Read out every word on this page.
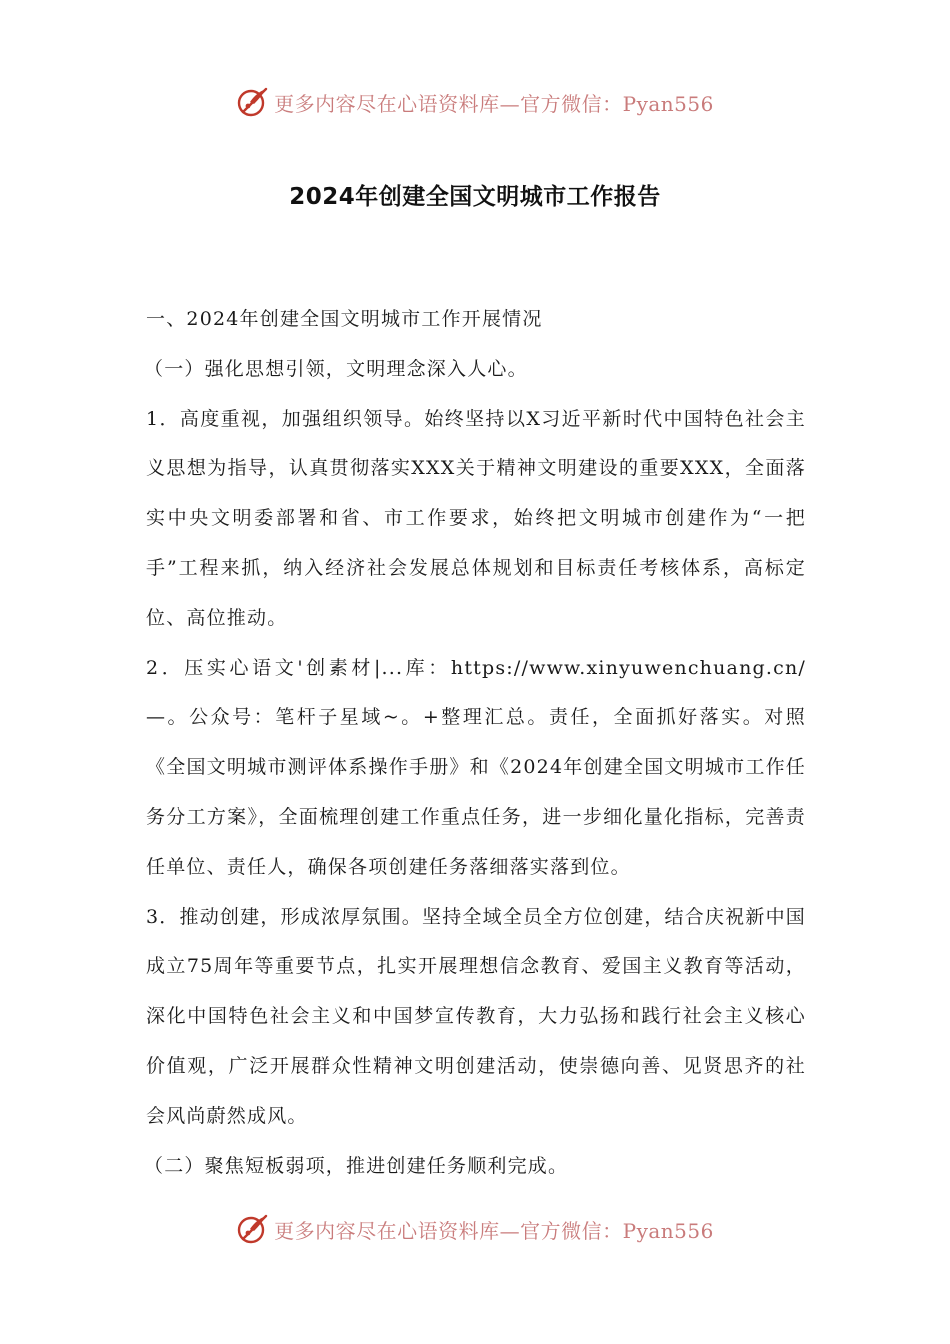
更多内容尽在心语资料库—官方微信：Pyan556
2024年创建全国文明城市工作报告

一、2024年创建全国文明城市工作开展情况

（一）强化思想引领，文明理念深入人心。

1．高度重视，加强组织领导。始终坚持以X习近平新时代中国特色社会主义思想为指导，认真贯彻落实XXX关于精神文明建设的重要XXX，全面落实中央文明委部署和省、市工作要求，始终把文明城市创建作为“一把手”工程来抓，纳入经济社会发展总体规划和目标责任考核体系，高标定位、高位推动。

2．压实心语文'创素材|...库：https://www.xinyuwenchuang.cn/—。公众号：笔杆子星域~。+整理汇总。责任，全面抓好落实。对照《全国文明城市测评体系操作手册》和《2024年创建全国文明城市工作任务分工方案》，全面梳理创建工作重点任务，进一步细化量化指标，完善责任单位、责任人，确保各项创建任务落细落实落到位。

3．推动创建，形成浓厚氛围。坚持全域全员全方位创建，结合庆祝新中国成立75周年等重要节点，扎实开展理想信念教育、爱国主义教育等活动，深化中国特色社会主义和中国梦宣传教育，大力弘扬和践行社会主义核心价值观，广泛开展群众性精神文明创建活动，使崇德向善、见贤思齐的社会风尚蔚然成风。

（二）聚焦短板弱项，推进创建任务顺利完成。

更多内容尽在心语资料库—官方微信：Pyan556
